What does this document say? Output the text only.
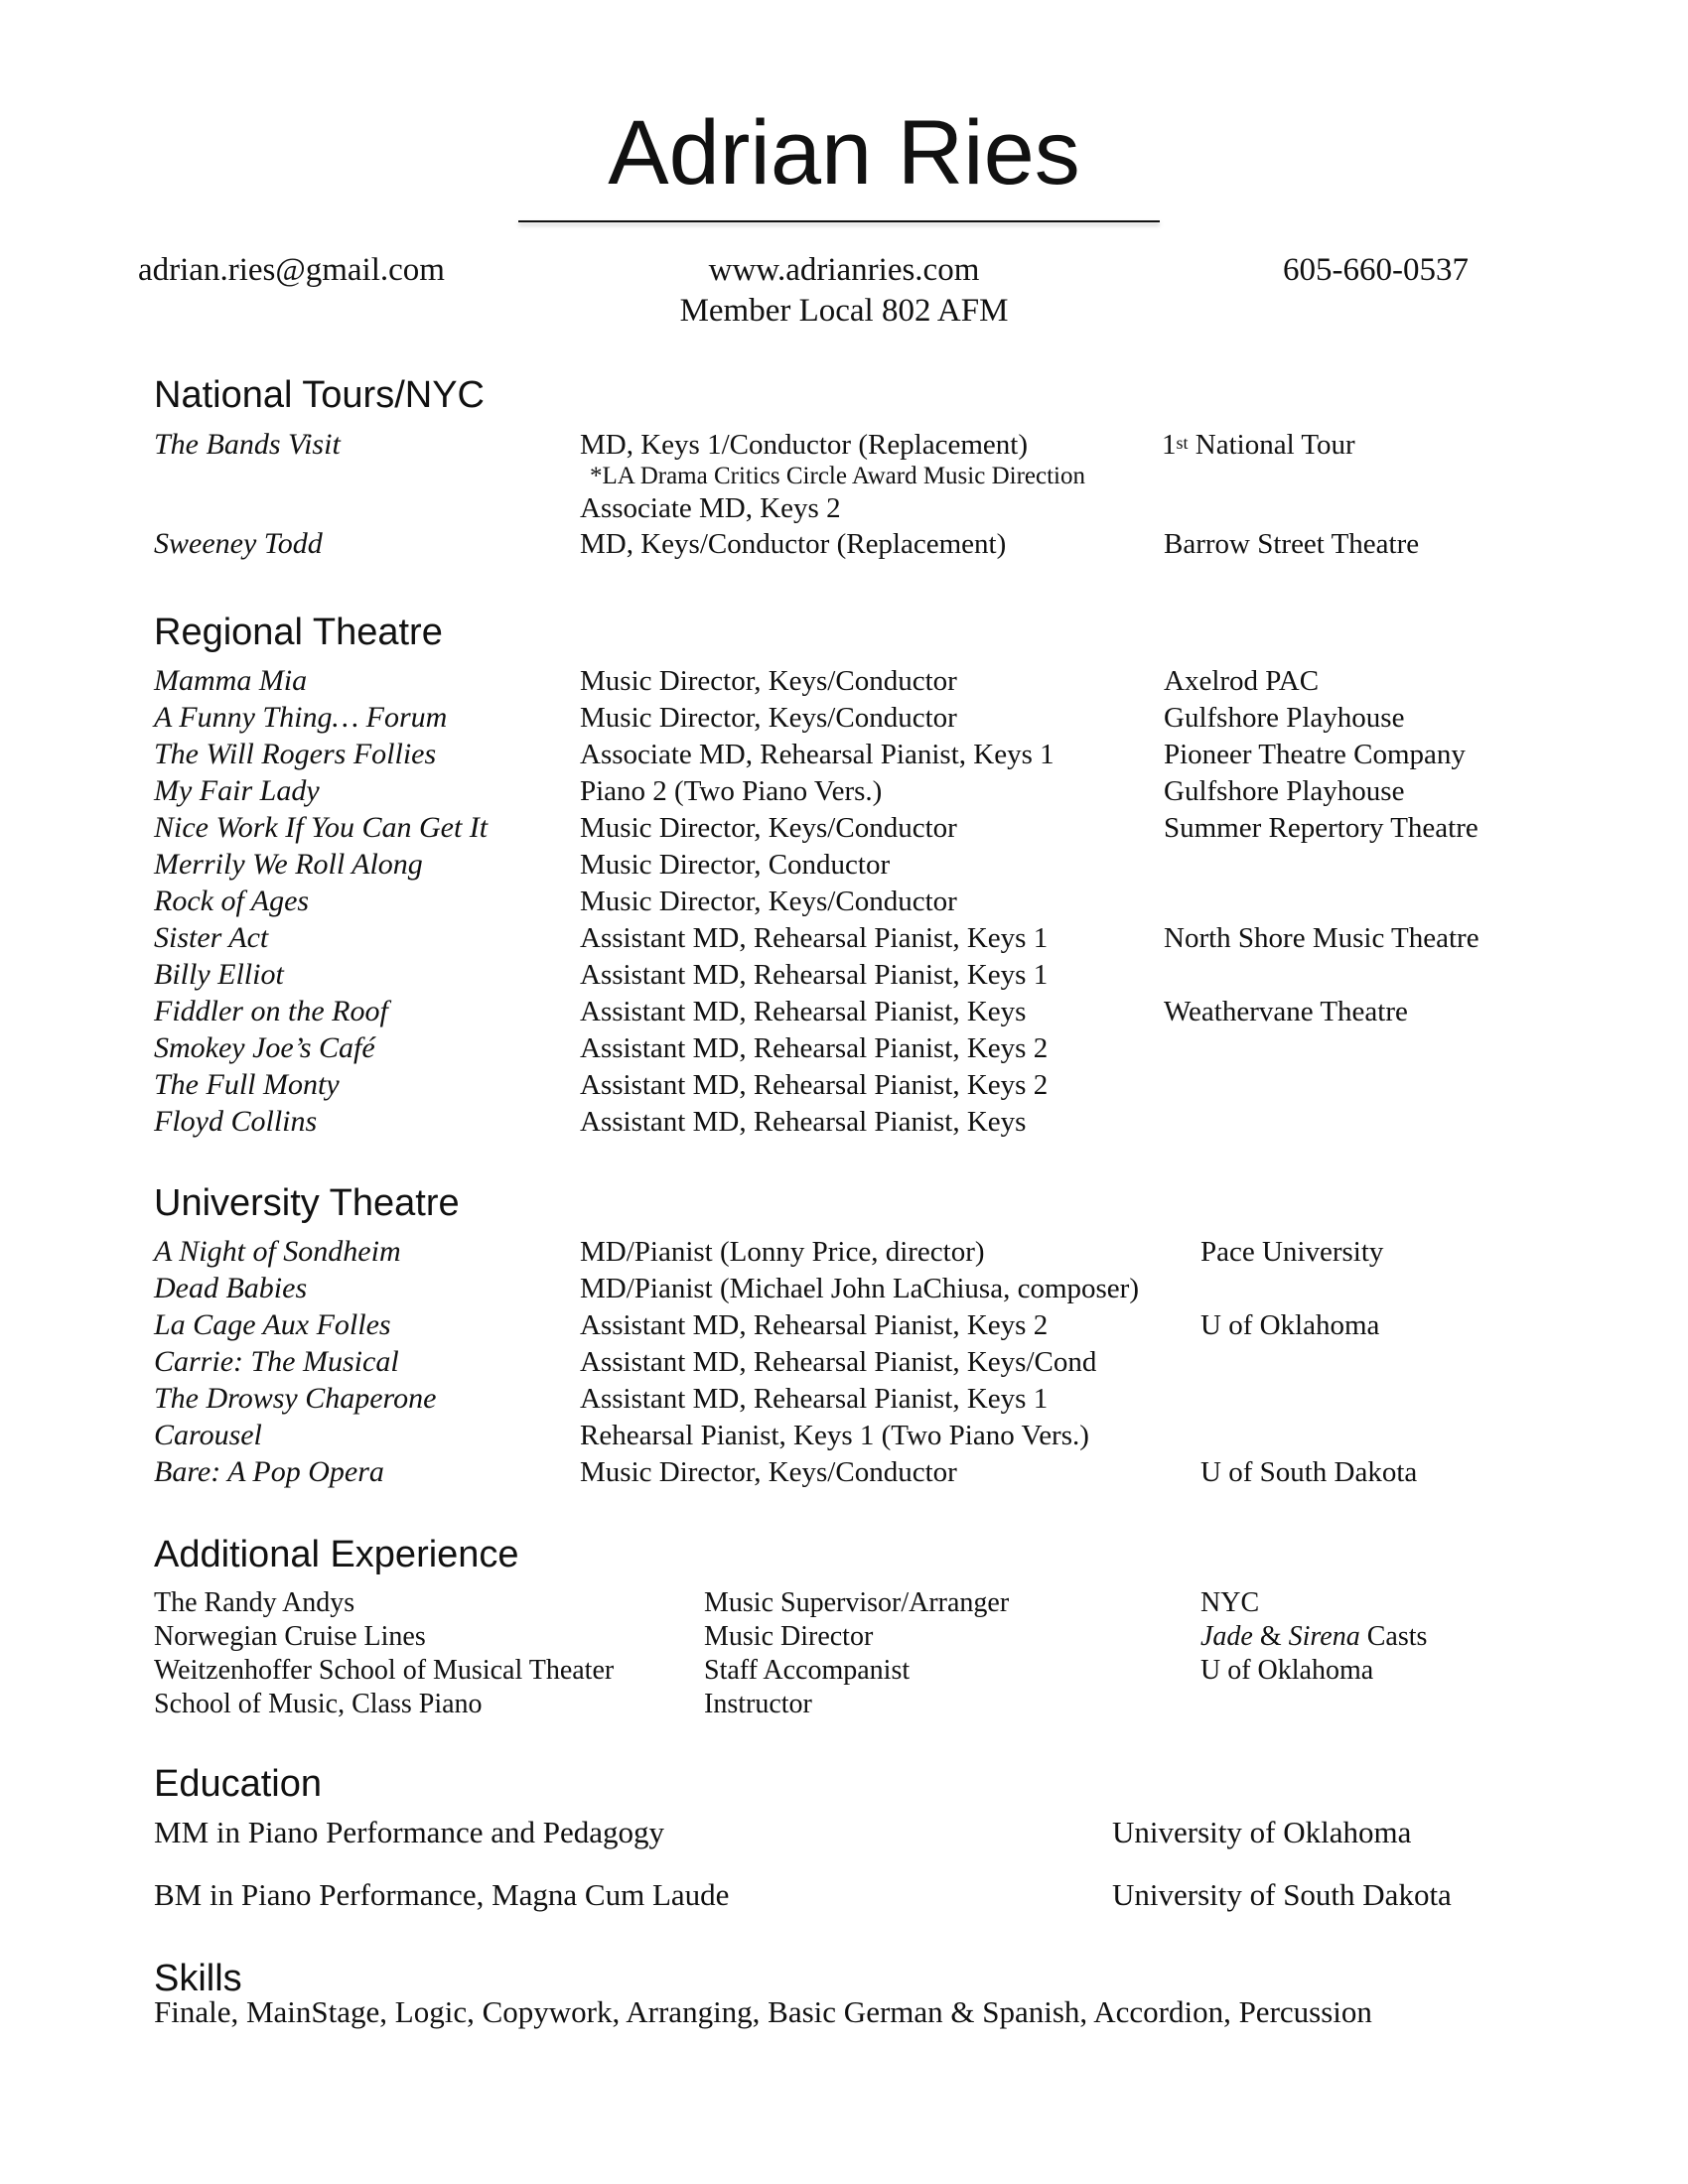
Adrian Ries
adrian.ries@gmail.com	www.adrianries.com	605-660-0537
Member Local 802 AFM
National Tours/NYC
The Bands Visit	MD, Keys 1/Conductor (Replacement)	1st National Tour
*LA Drama Critics Circle Award Music Direction
Associate MD, Keys 2
Sweeney Todd	MD, Keys/Conductor (Replacement)	Barrow Street Theatre
Regional Theatre
Mamma Mia	Music Director, Keys/Conductor	Axelrod PAC
A Funny Thing… Forum	Music Director, Keys/Conductor	Gulfshore Playhouse
The Will Rogers Follies	Associate MD, Rehearsal Pianist, Keys 1	Pioneer Theatre Company
My Fair Lady	Piano 2 (Two Piano Vers.)	Gulfshore Playhouse
Nice Work If You Can Get It	Music Director, Keys/Conductor	Summer Repertory Theatre
Merrily We Roll Along	Music Director, Conductor
Rock of Ages	Music Director, Keys/Conductor
Sister Act	Assistant MD, Rehearsal Pianist, Keys 1	North Shore Music Theatre
Billy Elliot	Assistant MD, Rehearsal Pianist, Keys 1
Fiddler on the Roof	Assistant MD, Rehearsal Pianist, Keys	Weathervane Theatre
Smokey Joe’s Café	Assistant MD, Rehearsal Pianist, Keys 2
The Full Monty	Assistant MD, Rehearsal Pianist, Keys 2
Floyd Collins	Assistant MD, Rehearsal Pianist, Keys
University Theatre
A Night of Sondheim	MD/Pianist (Lonny Price, director)	Pace University
Dead Babies	MD/Pianist (Michael John LaChiusa, composer)
La Cage Aux Folles	Assistant MD, Rehearsal Pianist, Keys 2	U of Oklahoma
Carrie: The Musical	Assistant MD, Rehearsal Pianist, Keys/Cond
The Drowsy Chaperone	Assistant MD, Rehearsal Pianist, Keys 1
Carousel	Rehearsal Pianist, Keys 1 (Two Piano Vers.)
Bare: A Pop Opera	Music Director, Keys/Conductor	U of South Dakota
Additional Experience
The Randy Andys	Music Supervisor/Arranger	NYC
Norwegian Cruise Lines	Music Director	Jade & Sirena Casts
Weitzenhoffer School of Musical Theater	Staff Accompanist	U of Oklahoma
School of Music, Class Piano	Instructor
Education
MM in Piano Performance and Pedagogy	University of Oklahoma
BM in Piano Performance, Magna Cum Laude	University of South Dakota
Skills
Finale, MainStage, Logic, Copywork, Arranging, Basic German & Spanish, Accordion, Percussion
